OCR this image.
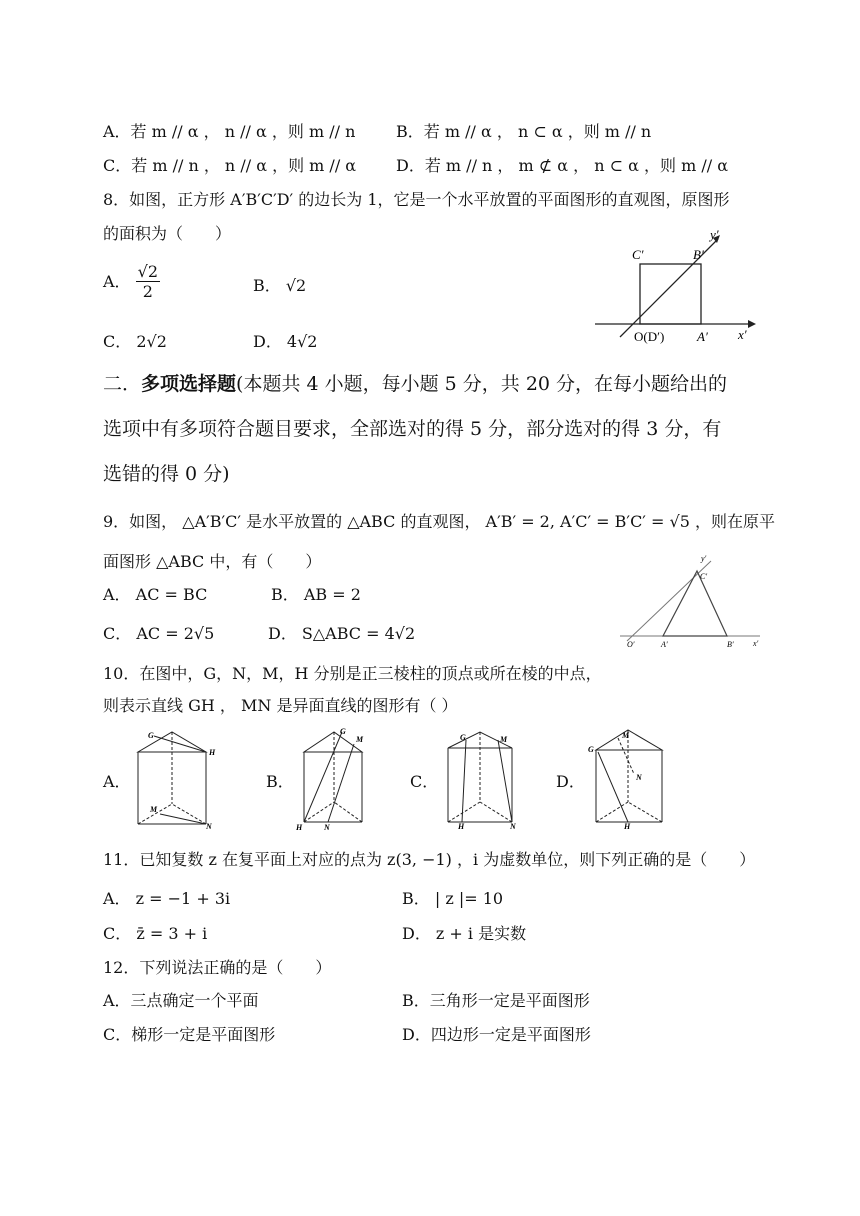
A．若 m // α ， n // α ，则 m // n	B．若 m // α ， n ⊂ α ，则 m // n
C．若 m // n ， n // α ，则 m // α D．若 m // n ， m ⊄ α ， n ⊂ α ，则 m // α
8．如图，正方形 A′B′C′D′ 的边长为 1，它是一个水平放置的平面图形的直观图，原图形
的面积为（　　）
A． $\frac{√2}{2}$	B． √2
C． 2√2	D． 4√2
C′	B′
y′
O(D′)	A′ x′
二．多项选择题(本题共 4 小题，每小题 5 分，共 20 分，在每小题给出的
选项中有多项符合题目要求，全部选对的得 5 分，部分选对的得 3 分，有
选错的得 0 分)
9．如图， △A′B′C′ 是水平放置的 △ABC 的直观图， A′B′ = 2, A′C′ = B′C′ = √5 ，则在原平
面图形 △ABC 中，有（　　）
A． AC = BC	B． AB = 2
C． AC = 2√5	D． S△ABC = 4√2
y′
C′
O′	A′	B′ x′
10．在图中，G，N，M，H 分别是正三棱柱的顶点或所在棱的中点，
则表示直线 GH ， MN 是异面直线的图形有（ ）
A．	B．	C．	D．
G
H
M
N
G
H
M
N
G
H
M
N
G
H
M
N
11．已知复数 z 在复平面上对应的点为 z(3, −1) ，i 为虚数单位，则下列正确的是（　　）
A． z = −1 + 3i	B． | z |= 10
C． z̄ = 3 + i	D． z + i 是实数
12．下列说法正确的是（　　）
A．三点确定一个平面	B．三角形一定是平面图形
C．梯形一定是平面图形	D．四边形一定是平面图形
